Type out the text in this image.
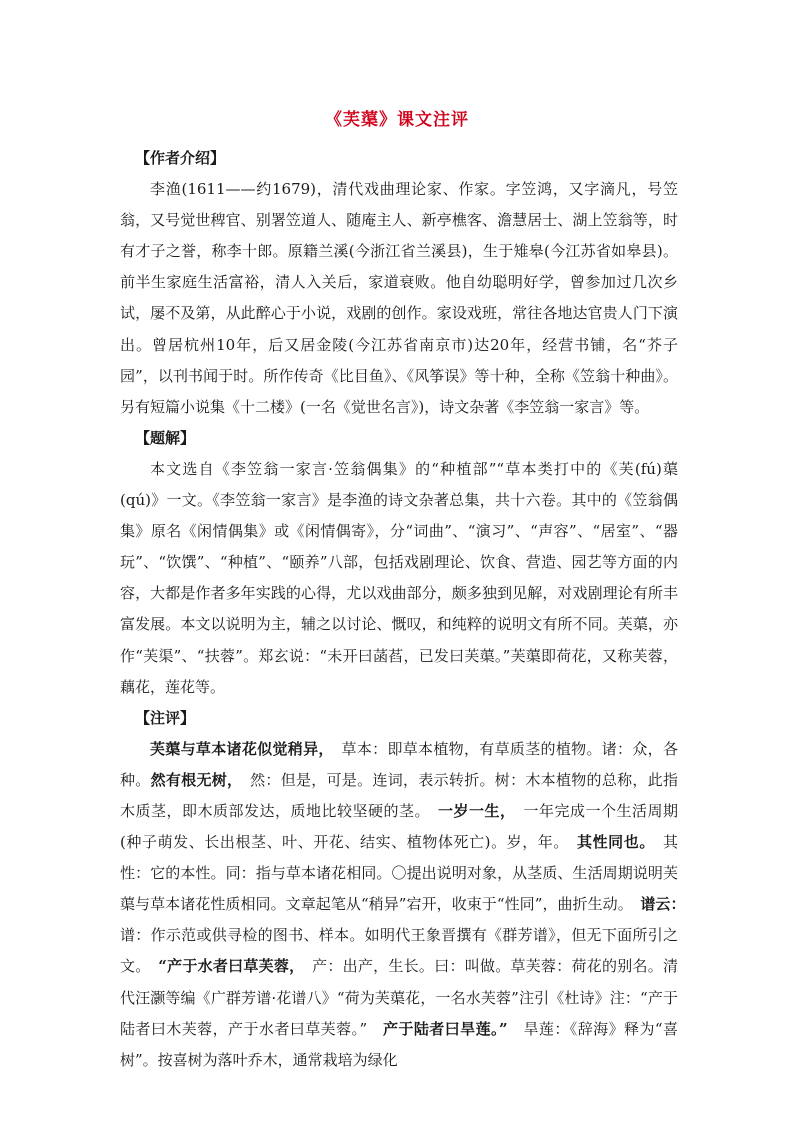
《芙蕖》课文注评

【作者介绍】

李渔(1611——约1679)，清代戏曲理论家、作家。字笠鸿，又字滴凡，号笠翁，又号觉世稗官、别署笠道人、随庵主人、新亭樵客、澹慧居士、湖上笠翁等，时有才子之誉，称李十郎。原籍兰溪(今浙江省兰溪县)，生于雉皋(今江苏省如皋县)。前半生家庭生活富裕，清人入关后，家道衰败。他自幼聪明好学，曾参加过几次乡试，屡不及第，从此醉心于小说，戏剧的创作。家设戏班，常往各地达官贵人门下演出。曾居杭州10年，后又居金陵(今江苏省南京市)达20年，经营书铺，名“芥子园”，以刊书闻于时。所作传奇《比目鱼》、《风筝误》等十种，全称《笠翁十种曲》。另有短篇小说集《十二楼》(一名《觉世名言》)，诗文杂著《李笠翁一家言》等。

【题解】

本文选自《李笠翁一家言·笠翁偶集》的“种植部”“草本类打中的《芙(fú)蕖(qú)》一文。《李笠翁一家言》是李渔的诗文杂著总集，共十六卷。其中的《笠翁偶集》原名《闲情偶集》或《闲情偶寄》，分“词曲”、“演习”、“声容”、“居室”、“器玩”、“饮馔”、“种植”、“颐养”八部，包括戏剧理论、饮食、营造、园艺等方面的内容，大都是作者多年实践的心得，尤以戏曲部分，颇多独到见解，对戏剧理论有所丰富发展。本文以说明为主，辅之以讨论、慨叹，和纯粹的说明文有所不同。芙蕖，亦作“芙渠”、“扶蓉”。郑玄说：“未开曰菡萏，已发曰芙蕖。”芙蕖即荷花，又称芙蓉，藕花，莲花等。

【注评】

芙蕖与草本诸花似觉稍异，　草本：即草本植物，有草质茎的植物。诸：众，各种。然有根无树，　然：但是，可是。连词，表示转折。树：木本植物的总称，此指木质茎，即木质部发达，质地比较坚硬的茎。　一岁一生，　一年完成一个生活周期(种子萌发、长出根茎、叶、开花、结实、植物体死亡)。岁，年。　其性同也。　其性：它的本性。同：指与草本诸花相同。〇提出说明对象，从茎质、生活周期说明芙蕖与草本诸花性质相同。文章起笔从“稍异”宕开，收束于“性同”，曲折生动。　谱云：　谱：作示范或供寻检的图书、样本。如明代王象晋撰有《群芳谱》，但无下面所引之文。　“产于水者曰草芙蓉，　产：出产，生长。曰：叫做。草芙蓉：荷花的别名。清代汪灏等编《广群芳谱·花谱八》“荷为芙蕖花，一名水芙蓉”注引《杜诗》注：“产于陆者曰木芙蓉，产于水者曰草芙蓉。”　产于陆者曰旱莲。”　旱莲：《辞海》释为“喜树”。按喜树为落叶乔木，通常栽培为绿化
